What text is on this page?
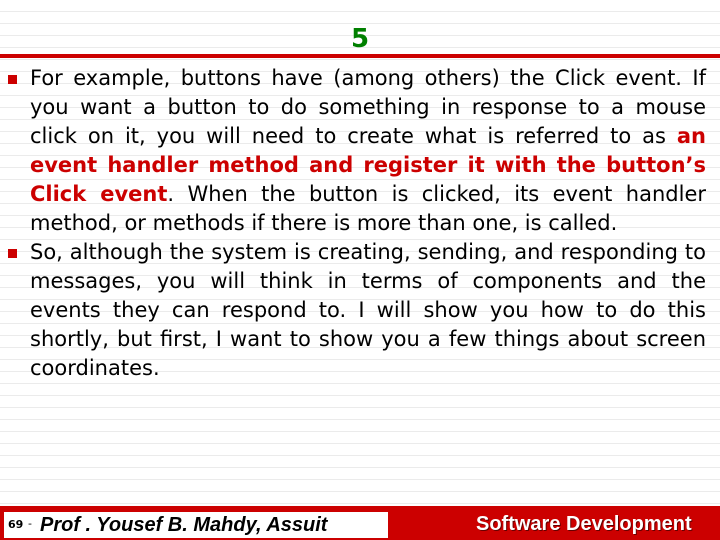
5
For example, buttons have (among others) the Click event. If you want a button to do something in response to a mouse click on it, you will need to create what is referred to as an event handler method and register it with the button’s Click event. When the button is clicked, its event handler method, or methods if there is more than one, is called.
So, although the system is creating, sending, and responding to messages, you will think in terms of components and the events they can respond to. I will show you how to do this shortly, but first, I want to show you a few things about screen coordinates.
69 - Prof . Yousef B. Mahdy, Assuit	Software Development
